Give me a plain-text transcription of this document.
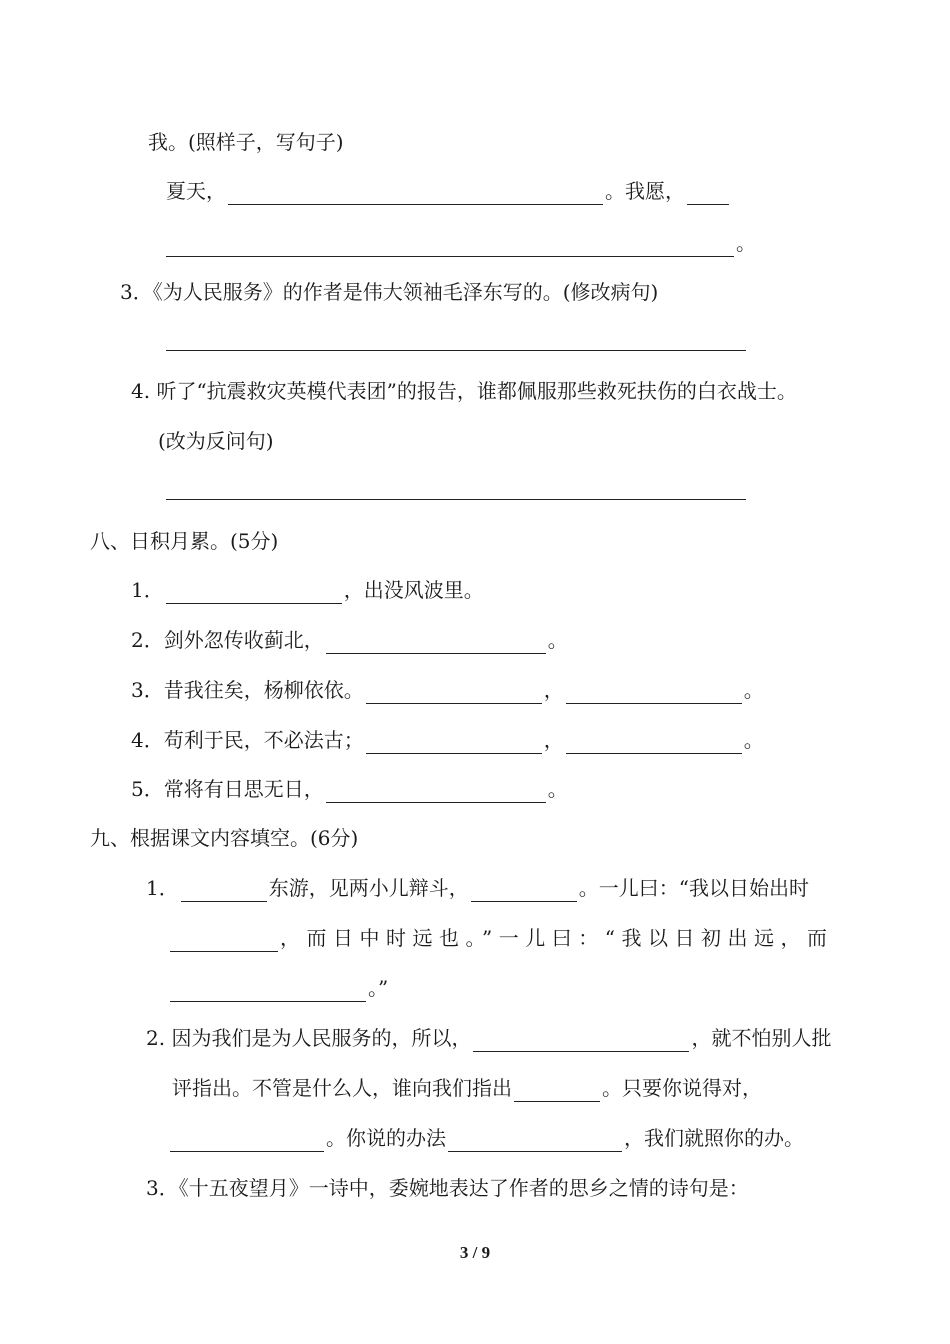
我。(照样子，写句子)
夏天，	。我愿，
。
3．《为人民服务》的作者是伟大领袖毛泽东写的。(修改病句)
4. 听了“抗震救灾英模代表团”的报告，谁都佩服那些救死扶伤的白衣战士。
(改为反问句)
八、日积月累。(5分)
1．	，出没风波里。
2．剑外忽传收蓟北，	。
3．昔我往矣，杨柳依依。	，	。
4．苟利于民，不必法古；	，	。
5．常将有日思无日，	。
九、根据课文内容填空。(6分)
1．	东游，见两小儿辩斗，	。一儿曰：“我以日始出时
，而日中时远也。”一儿曰：“我以日初出远，而
。”
2. 因为我们是为人民服务的，所以，	，就不怕别人批
评指出。不管是什么人，谁向我们指出	。只要你说得对，
。你说的办法	，我们就照你的办。
3．《十五夜望月》一诗中，委婉地表达了作者的思乡之情的诗句是：
3 / 9
